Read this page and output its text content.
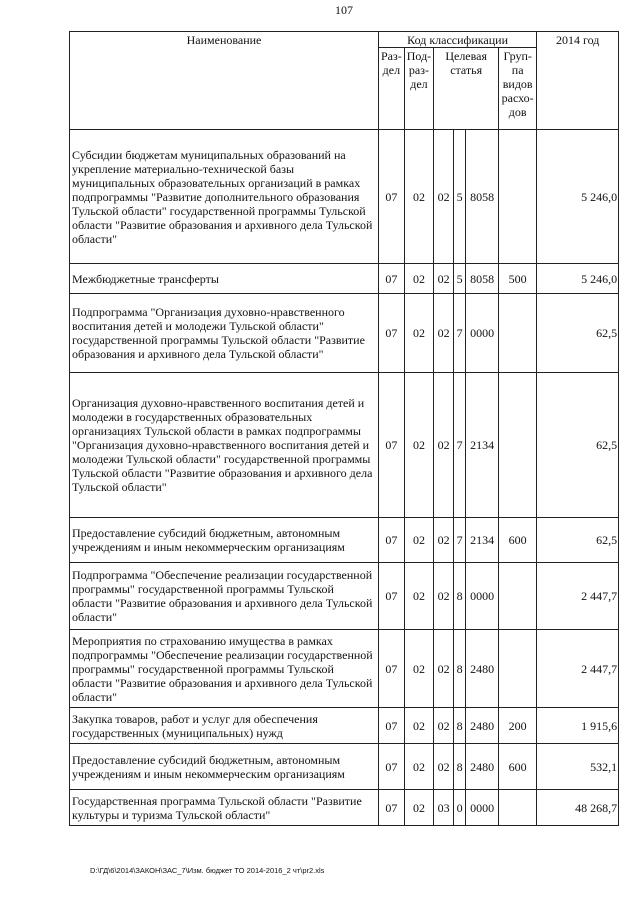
107
Наименование	Код классификации						2014 год
	Раз-дел	Под-раз-дел	Целевая статья			Груп-па видов расхо-дов	
Субсидии бюджетам муниципальных образований на укрепление материально-технической базы муниципальных образовательных организаций в рамках подпрограммы "Развитие дополнительного образования Тульской области" государственной программы Тульской области "Развитие образования и архивного дела Тульской области"	07	02	02	5	8058		5 246,0
Межбюджетные трансферты	07	02	02	5	8058	500	5 246,0
Подпрограмма "Организация духовно-нравственного воспитания детей и молодежи Тульской области" государственной программы Тульской области "Развитие образования и архивного дела Тульской области"	07	02	02	7	0000		62,5
Организация духовно-нравственного воспитания детей и молодежи в государственных образовательных организациях Тульской области в рамках подпрограммы "Организация духовно-нравственного воспитания детей и молодежи Тульской области" государственной программы Тульской области "Развитие образования и архивного дела Тульской области"	07	02	02	7	2134		62,5
Предоставление субсидий бюджетным, автономным учреждениям и иным некоммерческим организациям	07	02	02	7	2134	600	62,5
Подпрограмма "Обеспечение реализации государственной программы" государственной программы Тульской области "Развитие образования и архивного дела Тульской области"	07	02	02	8	0000		2 447,7
Мероприятия по страхованию имущества в рамках подпрограммы "Обеспечение реализации государственной программы" государственной программы Тульской области "Развитие образования и архивного дела Тульской области"	07	02	02	8	2480		2 447,7
Закупка товаров, работ и услуг для обеспечения государственных (муниципальных) нужд	07	02	02	8	2480	200	1 915,6
Предоставление субсидий бюджетным, автономным учреждениям и иным некоммерческим организациям	07	02	02	8	2480	600	532,1
Государственная программа Тульской области "Развитие культуры и туризма Тульской области"	07	02	03	0	0000		48 268,7
D:\ГД\6\2014\ЗАКОН\ЗАС_7\Изм. бюджет ТО 2014-2016_2 чт\pr2.xls
